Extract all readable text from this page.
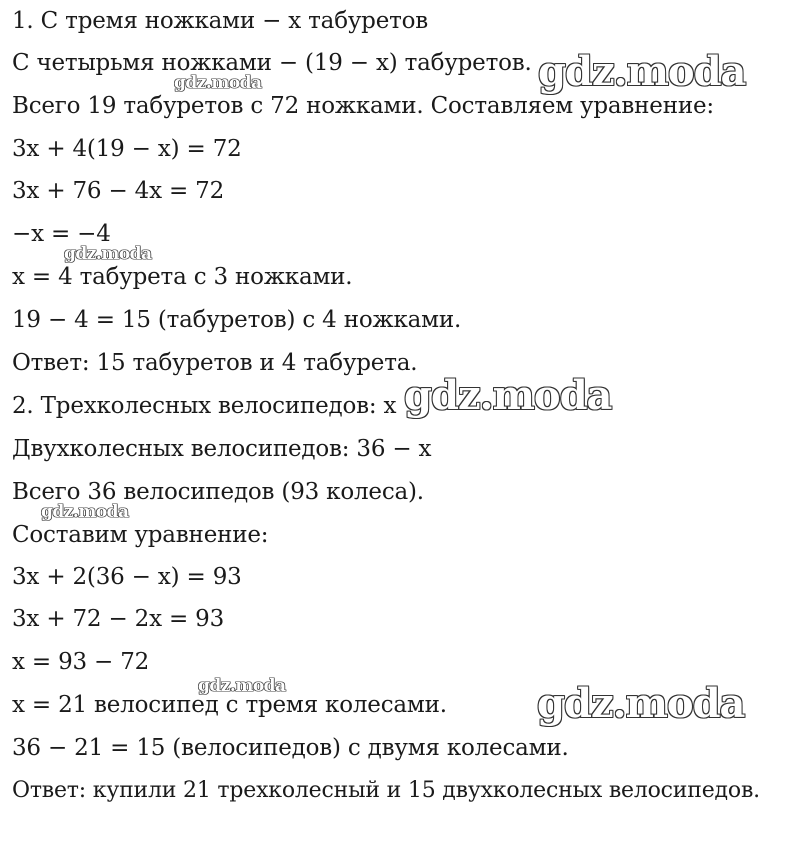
1. С тремя ножками − x табуретов
С четырьмя ножками − (19 − x) табуретов.
Всего 19 табуретов с 72 ножками. Составляем уравнение:
3x + 4(19 − x) = 72
3x + 76 − 4x = 72
−x = −4
x = 4 табурета с 3 ножками.
19 − 4 = 15 (табуретов) с 4 ножками.
Ответ: 15 табуретов и 4 табурета.
2. Трехколесных велосипедов: x
Двухколесных велосипедов: 36 − x
Всего 36 велосипедов (93 колеса).
Составим уравнение:
3x + 2(36 − x) = 93
3x + 72 − 2x = 93
x = 93 − 72
x = 21 велосипед с тремя колесами.
36 − 21 = 15 (велосипедов) с двумя колесами.
Ответ: купили 21 трехколесный и 15 двухколесных велосипедов.
gdz.moda
gdz.moda
gdz.moda
gdz.moda
gdz.moda
gdz.moda
gdz.moda
